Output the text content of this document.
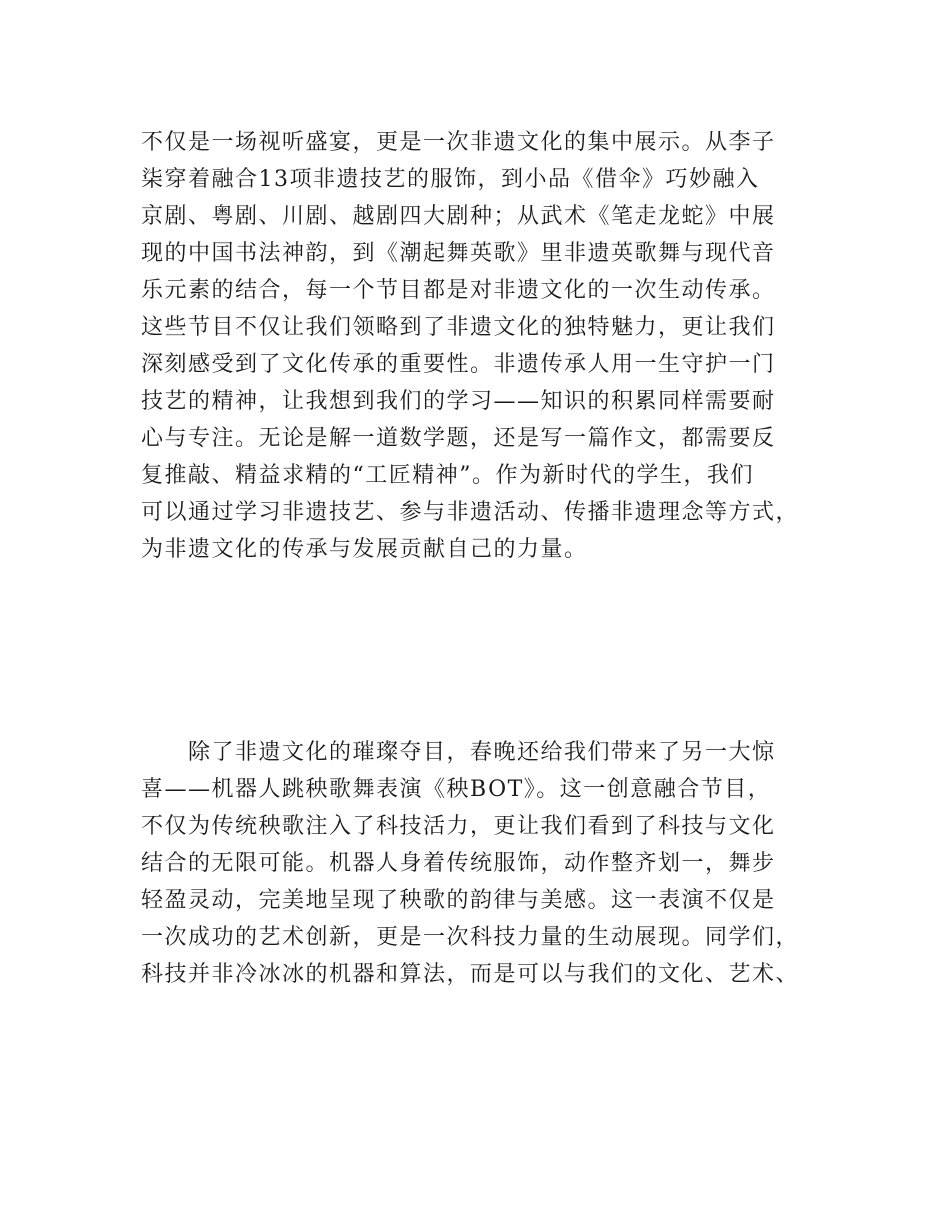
不仅是一场视听盛宴，更是一次非遗文化的集中展示。从李子
柒穿着融合13项非遗技艺的服饰，到小品《借伞》巧妙融入
京剧、粤剧、川剧、越剧四大剧种；从武术《笔走龙蛇》中展
现的中国书法神韵，到《潮起舞英歌》里非遗英歌舞与现代音
乐元素的结合，每一个节目都是对非遗文化的一次生动传承。
这些节目不仅让我们领略到了非遗文化的独特魅力，更让我们
深刻感受到了文化传承的重要性。非遗传承人用一生守护一门
技艺的精神，让我想到我们的学习——知识的积累同样需要耐
心与专注。无论是解一道数学题，还是写一篇作文，都需要反
复推敲、精益求精的“工匠精神”。作为新时代的学生，我们
可以通过学习非遗技艺、参与非遗活动、传播非遗理念等方式，
为非遗文化的传承与发展贡献自己的力量。
除了非遗文化的璀璨夺目，春晚还给我们带来了另一大惊
喜——机器人跳秧歌舞表演《秧BOT》。这一创意融合节目，
不仅为传统秧歌注入了科技活力，更让我们看到了科技与文化
结合的无限可能。机器人身着传统服饰，动作整齐划一，舞步
轻盈灵动，完美地呈现了秧歌的韵律与美感。这一表演不仅是
一次成功的艺术创新，更是一次科技力量的生动展现。同学们，
科技并非冷冰冰的机器和算法，而是可以与我们的文化、艺术、
